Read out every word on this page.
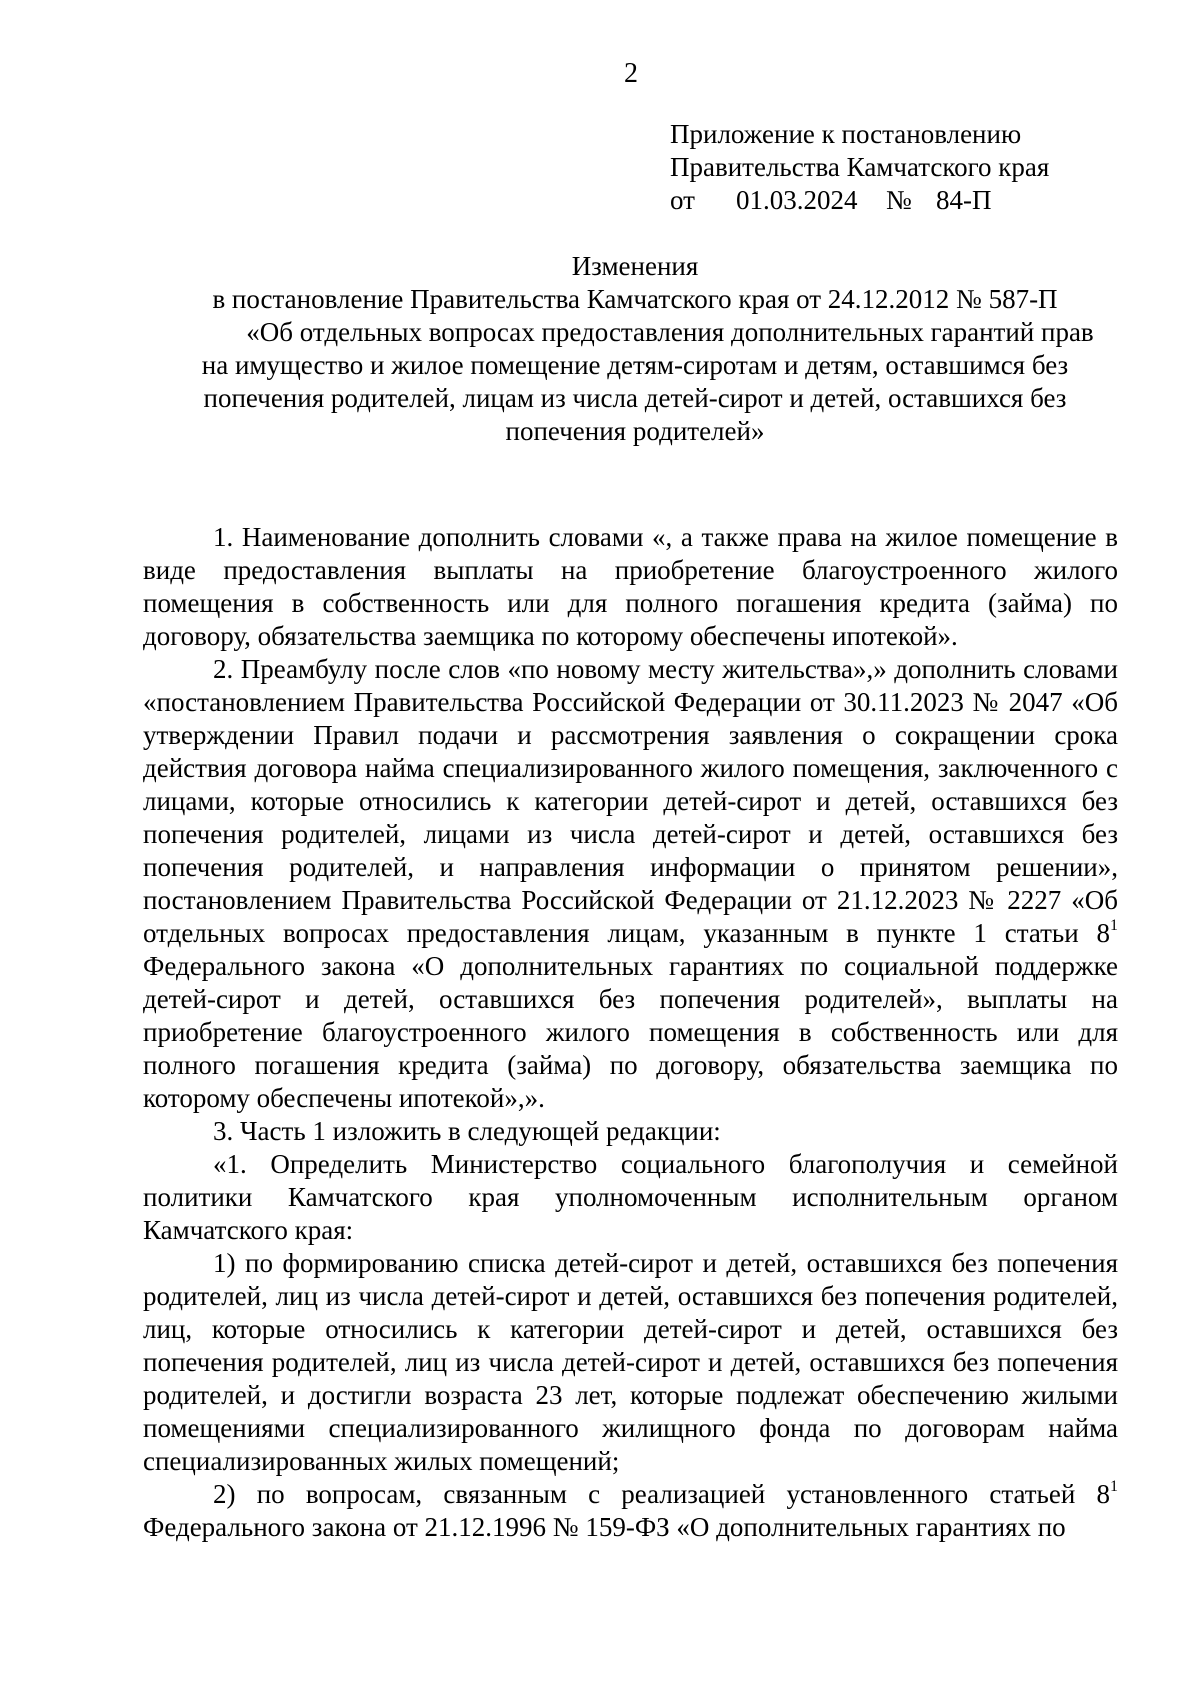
2
Приложение к постановлению
Правительства Камчатского края
от 01.03.2024 № 84-П
Изменения
в постановление Правительства Камчатского края от 24.12.2012 № 587-П
«Об отдельных вопросах предоставления дополнительных гарантий прав
на имущество и жилое помещение детям-сиротам и детям, оставшимся без
попечения родителей, лицам из числа детей-сирот и детей, оставшихся без
попечения родителей»

1. Наименование дополнить словами «, а также права на жилое помещение в виде предоставления выплаты на приобретение благоустроенного жилого помещения в собственность или для полного погашения кредита (займа) по договору, обязательства заемщика по которому обеспечены ипотекой».

2. Преамбулу после слов «по новому месту жительства»,» дополнить словами «постановлением Правительства Российской Федерации от 30.11.2023 № 2047 «Об утверждении Правил подачи и рассмотрения заявления о сокращении срока действия договора найма специализированного жилого помещения, заключенного с лицами, которые относились к категории детей-сирот и детей, оставшихся без попечения родителей, лицами из числа детей-сирот и детей, оставшихся без попечения родителей, и направления информации о принятом решении», постановлением Правительства Российской Федерации от 21.12.2023 № 2227 «Об отдельных вопросах предоставления лицам, указанным в пункте 1 статьи $8^1$ Федерального закона «О дополнительных гарантиях по социальной поддержке детей-сирот и детей, оставшихся без попечения родителей», выплаты на приобретение благоустроенного жилого помещения в собственность или для полного погашения кредита (займа) по договору, обязательства заемщика по которому обеспечены ипотекой»,».

3. Часть 1 изложить в следующей редакции:

«1. Определить Министерство социального благополучия и семейной политики Камчатского края уполномоченным исполнительным органом Камчатского края:

1) по формированию списка детей-сирот и детей, оставшихся без попечения родителей, лиц из числа детей-сирот и детей, оставшихся без попечения родителей, лиц, которые относились к категории детей-сирот и детей, оставшихся без попечения родителей, лиц из числа детей-сирот и детей, оставшихся без попечения родителей, и достигли возраста 23 лет, которые подлежат обеспечению жилыми помещениями специализированного жилищного фонда по договорам найма специализированных жилых помещений;

2) по вопросам, связанным с реализацией установленного статьей $8^1$ Федерального закона от 21.12.1996 № 159-ФЗ «О дополнительных гарантиях по
